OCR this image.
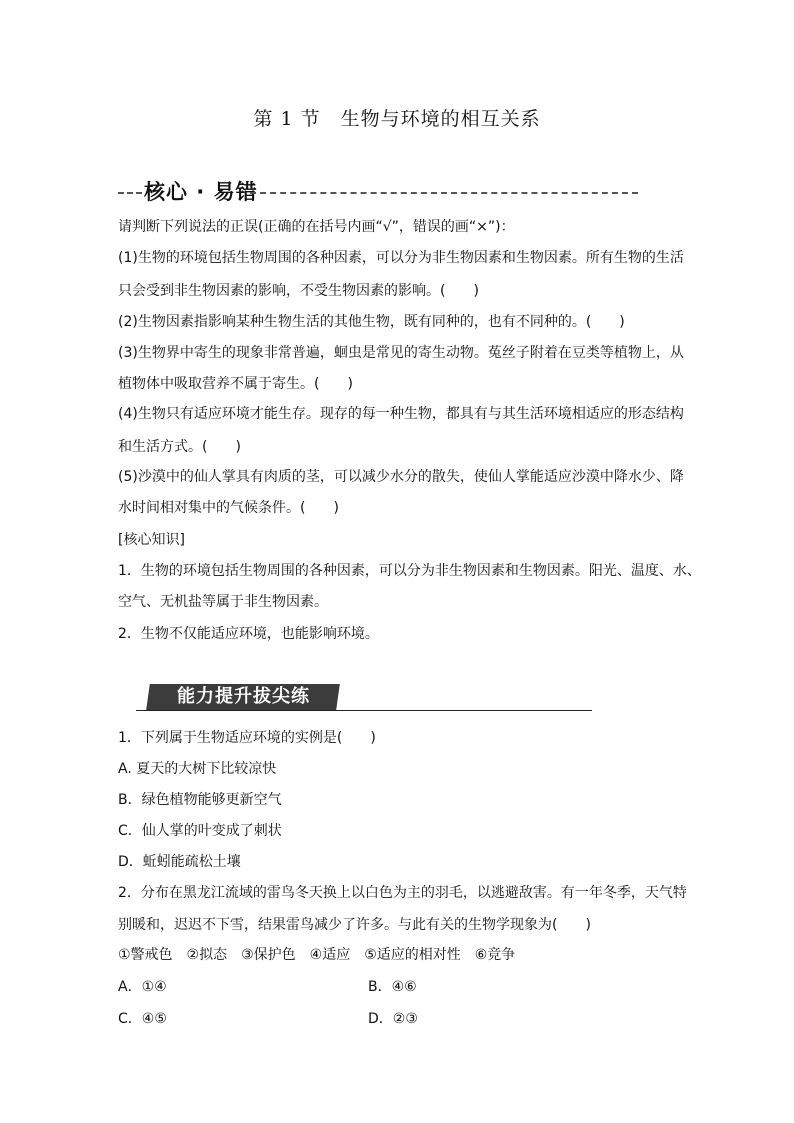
第 1 节　生物与环境的相互关系
核心 · 易错
请判断下列说法的正误(正确的在括号内画“√”，错误的画“×”)：
(1)生物的环境包括生物周围的各种因素，可以分为非生物因素和生物因素。所有生物的生活
只会受到非生物因素的影响，不受生物因素的影响。(　　)
(2)生物因素指影响某种生物生活的其他生物，既有同种的，也有不同种的。(　　)
(3)生物界中寄生的现象非常普遍，蛔虫是常见的寄生动物。菟丝子附着在豆类等植物上，从
植物体中吸取营养不属于寄生。(　　)
(4)生物只有适应环境才能生存。现存的每一种生物，都具有与其生活环境相适应的形态结构
和生活方式。(　　)
(5)沙漠中的仙人掌具有肉质的茎，可以减少水分的散失，使仙人掌能适应沙漠中降水少、降
水时间相对集中的气候条件。(　　)
[核心知识]
1．生物的环境包括生物周围的各种因素，可以分为非生物因素和生物因素。阳光、温度、水、
空气、无机盐等属于非生物因素。
2．生物不仅能适应环境，也能影响环境。
能力提升拔尖练
1．下列属于生物适应环境的实例是(　　)
A. 夏天的大树下比较凉快
B．绿色植物能够更新空气
C．仙人掌的叶变成了刺状
D．蚯蚓能疏松土壤
2．分布在黑龙江流域的雷鸟冬天换上以白色为主的羽毛，以逃避敌害。有一年冬季，天气特
别暖和，迟迟不下雪，结果雷鸟减少了许多。与此有关的生物学现象为(　　)
①警戒色　②拟态　③保护色　④适应　⑤适应的相对性　⑥竞争
A．①④	B．④⑥
C．④⑤	D．②③
